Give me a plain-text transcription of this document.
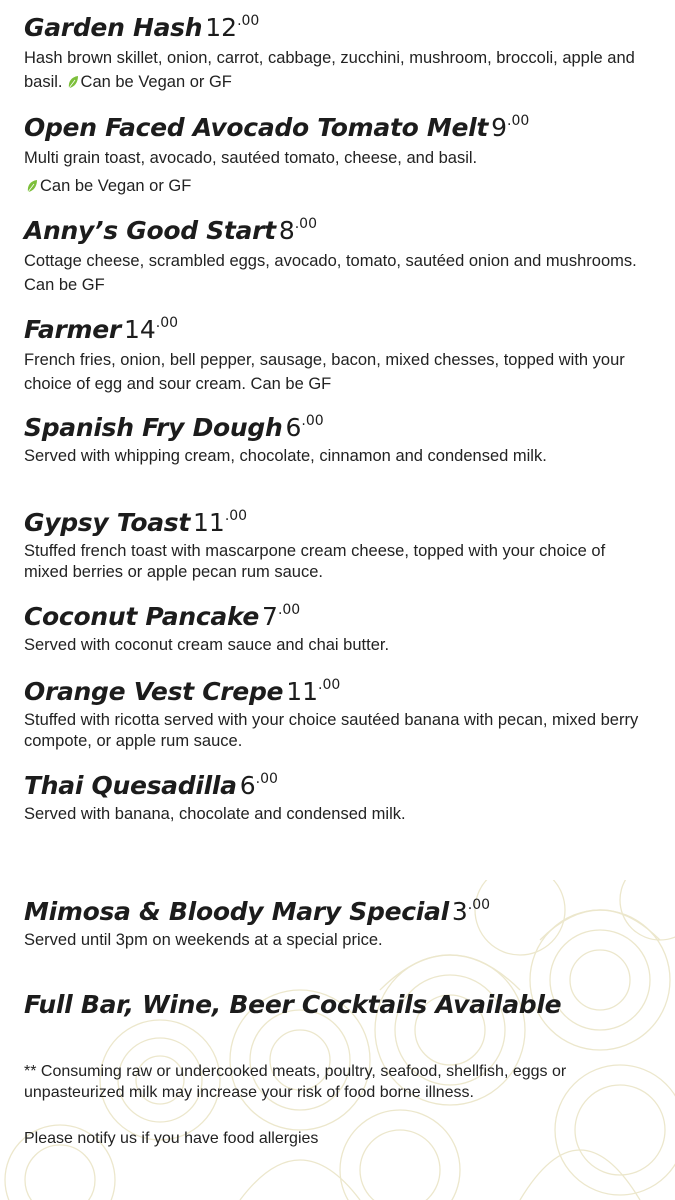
Garden Hash $12^{.00}$

Hash brown skillet, onion, carrot, cabbage, zucchini, mushroom, broccoli, apple and basil. Can be Vegan or GF

Open Faced Avocado Tomato Melt $9^{.00}$

Multi grain toast, avocado, sautéed tomato, cheese, and basil.

Can be Vegan or GF

Anny’s Good Start $8^{.00}$

Cottage cheese, scrambled eggs, avocado, tomato, sautéed onion and mushrooms. Can be GF

Farmer $14^{.00}$

French fries, onion, bell pepper, sausage, bacon, mixed chesses, topped with your choice of egg and sour cream. Can be GF

Spanish Fry Dough $6^{.00}$

Served with whipping cream, chocolate, cinnamon and condensed milk.

Gypsy Toast $11^{.00}$

Stuffed french toast with mascarpone cream cheese, topped with your choice of mixed berries or apple pecan rum sauce.

Coconut Pancake $7^{.00}$

Served with coconut cream sauce and chai butter.

Orange Vest Crepe $11^{.00}$

Stuffed with ricotta served with your choice sautéed banana with pecan, mixed berry compote, or apple rum sauce.

Thai Quesadilla $6^{.00}$

Served with banana, chocolate and condensed milk.

Mimosa & Bloody Mary Special $3^{.00}$

Served until 3pm on weekends at a special price.

Full Bar, Wine, Beer Cocktails Available

** Consuming raw or undercooked meats, poultry, seafood, shellfish, eggs or unpasteurized milk may increase your risk of food borne illness.

Please notify us if you have food allergies
